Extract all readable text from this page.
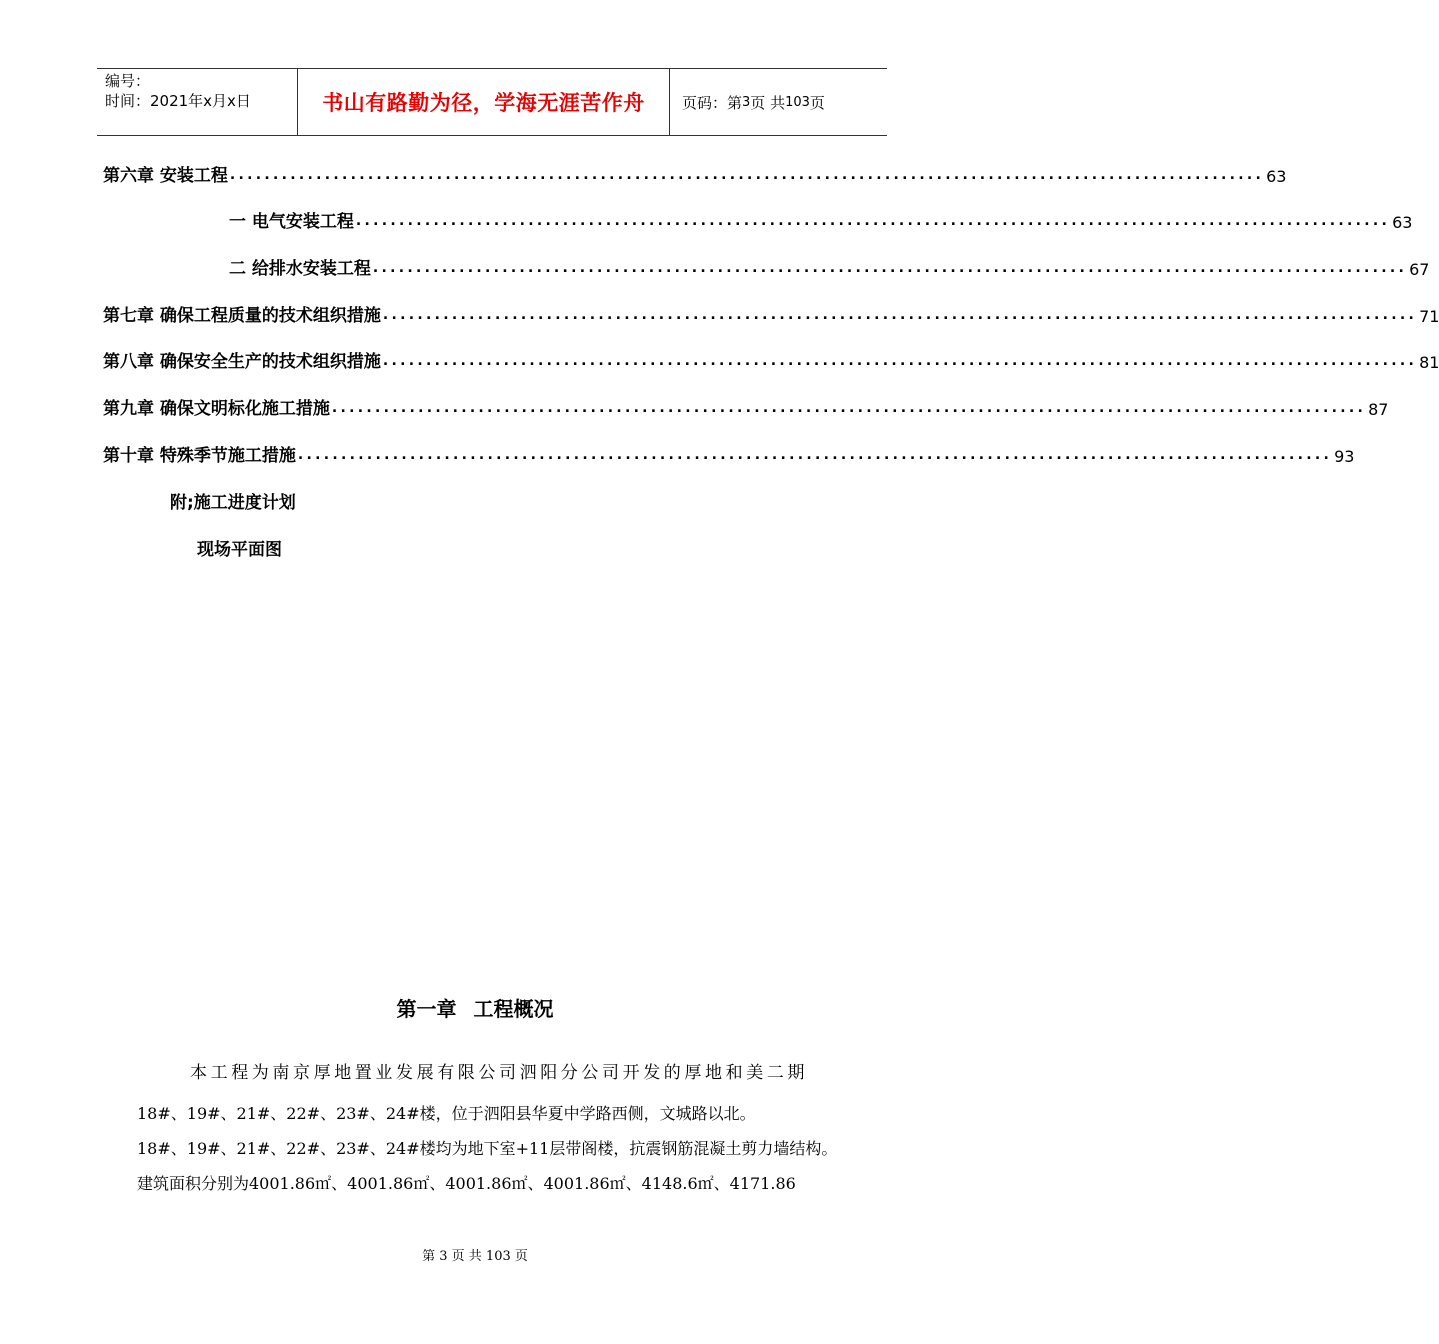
编号：
时间：2021年x月x日	书山有路勤为径，学海无涯苦作舟	页码：第 3 页 共 103 页
第六章 安装工程 ........................................................................................................................ 63
一 电气安装工程 ........................................................................................................................ 63
二 给排水安装工程 ........................................................................................................................ 67
第七章 确保工程质量的技术组织措施 ........................................................................................................................ 71
第八章 确保安全生产的技术组织措施 ........................................................................................................................ 81
第九章 确保文明标化施工措施 ........................................................................................................................ 87
第十章 特殊季节施工措施 ........................................................................................................................ 93
附;施工进度计划
现场平面图
第一章 工程概况
本工程为南京厚地置业发展有限公司泗阳分公司开发的厚地和美二期
18#、19#、21#、22#、23#、24#楼，位于泗阳县华夏中学路西侧，文城路以北。
18#、19#、21#、22#、23#、24#楼均为地下室+11层带阁楼，抗震钢筋混凝土剪力墙结构。
建筑面积分别为4001.86㎡、4001.86㎡、4001.86㎡、4001.86㎡、4148.6㎡、4171.86
第 3 页 共 103 页
